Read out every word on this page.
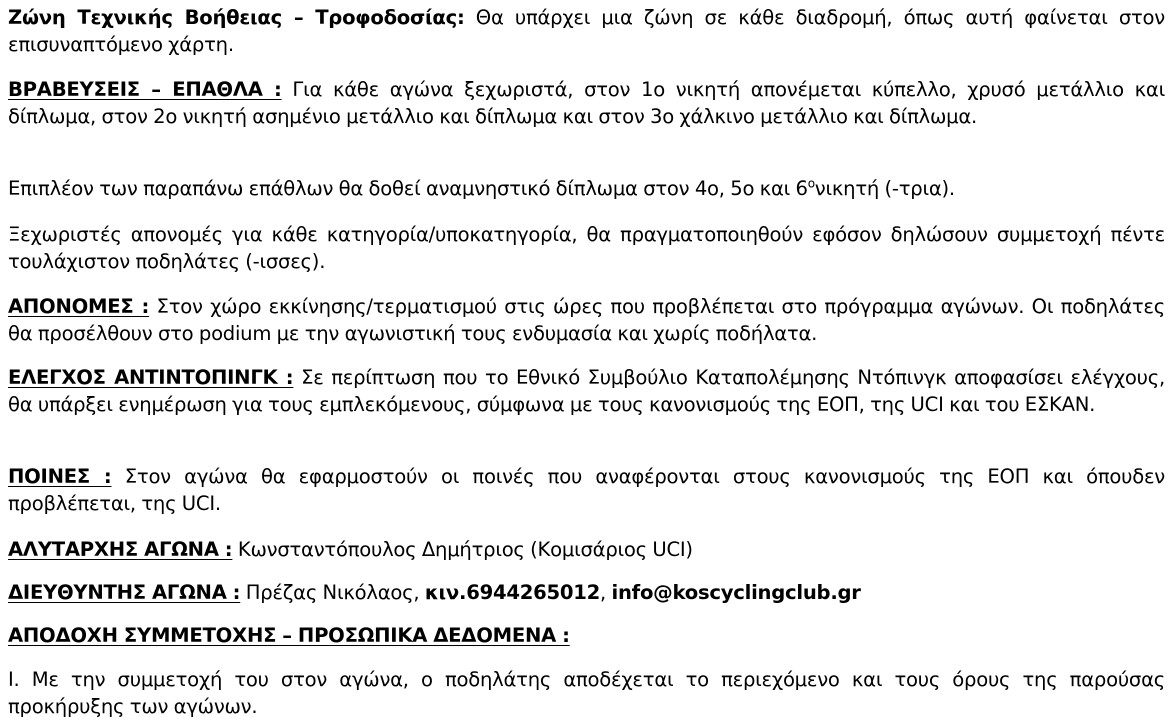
Ζώνη Τεχνικής Βοήθειας – Τροφοδοσίας: Θα υπάρχει μια ζώνη σε κάθε διαδρομή, όπως αυτή φαίνεται στον επισυναπτόμενο χάρτη.

ΒΡΑΒΕΥΣΕΙΣ – ΕΠΑΘΛΑ : Για κάθε αγώνα ξεχωριστά, στον 1ο νικητή απονέμεται κύπελλο, χρυσό μετάλλιο και δίπλωμα, στον 2ο νικητή ασημένιο μετάλλιο και δίπλωμα και στον 3ο χάλκινο μετάλλιο και δίπλωμα.

Επιπλέον των παραπάνω επάθλων θα δοθεί αναμνηστικό δίπλωμα στον 4ο, 5ο και $6^o\nu\iota\kappa\eta\tau ή$ (-τρια).

Ξεχωριστές απονομές για κάθε κατηγορία/υποκατηγορία, θα πραγματοποιηθούν εφόσον δηλώσουν συμμετοχή πέντε τουλάχιστον ποδηλάτες (-ισσες).

ΑΠΟΝΟΜΕΣ : Στον χώρο εκκίνησης/τερματισμού στις ώρες που προβλέπεται στο πρόγραμμα αγώνων. Οι ποδηλάτες θα προσέλθουν στο podium με την αγωνιστική τους ενδυμασία και χωρίς ποδήλατα.

ΕΛΕΓΧΟΣ ΑΝΤΙΝΤΟΠΙΝΓΚ : Σε περίπτωση που το Εθνικό Συμβούλιο Καταπολέμησης Ντόπινγκ αποφασίσει ελέγχους, θα υπάρξει ενημέρωση για τους εμπλεκόμενους, σύμφωνα με τους κανονισμούς της ΕΟΠ, της UCI και του ΕΣΚΑΝ.

ΠΟΙΝΕΣ : Στον αγώνα θα εφαρμοστούν οι ποινές που αναφέρονται στους κανονισμούς της ΕΟΠ και όπουδεν προβλέπεται, της UCI.

ΑΛΥΤΑΡΧΗΣ ΑΓΩΝΑ : Κωνσταντόπουλος Δημήτριος (Κομισάριος UCI)

ΔΙΕΥΘΥΝΤΗΣ ΑΓΩΝΑ : Πρέζας Νικόλαος, κιν.6944265012, info@koscyclingclub.gr

ΑΠΟΔΟΧΗ ΣΥΜΜΕΤΟΧΗΣ – ΠΡΟΣΩΠΙΚΑ ΔΕΔΟΜΕΝΑ :

Ι. Με την συμμετοχή του στον αγώνα, ο ποδηλάτης αποδέχεται το περιεχόμενο και τους όρους της παρούσας προκήρυξης των αγώνων.
